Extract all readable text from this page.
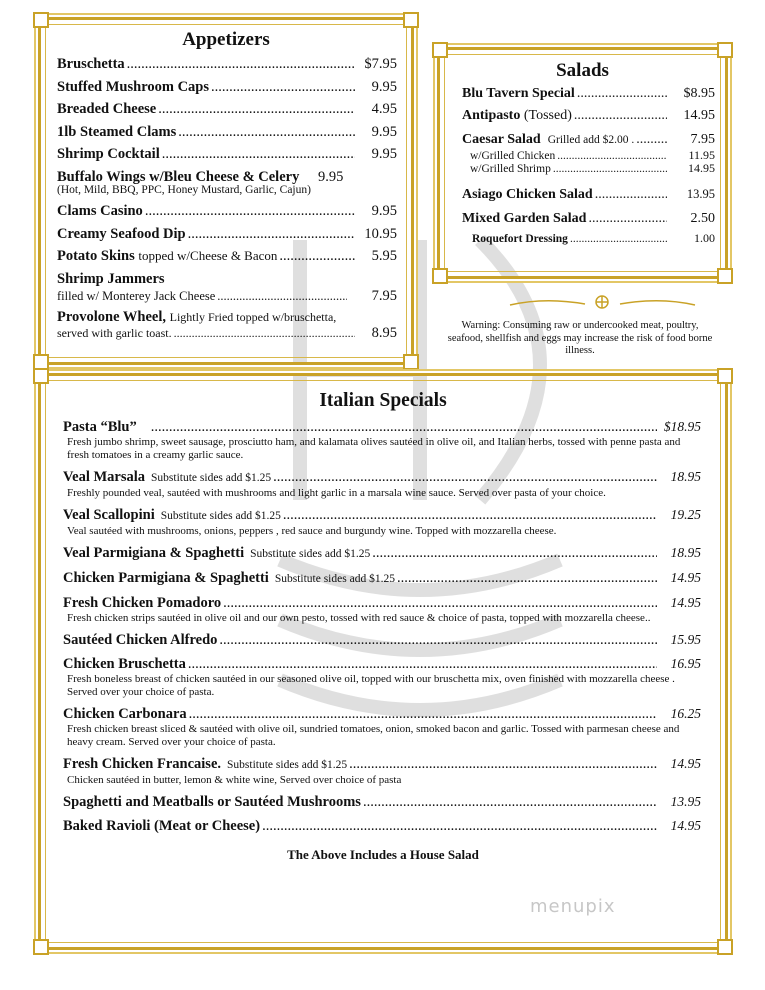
Appetizers
Bruschetta .....	$7.95
Stuffed Mushroom Caps .....	9.95
Breaded Cheese .....	4.95
1lb Steamed Clams .....	9.95
Shrimp Cocktail .....	9.95
Buffalo Wings w/Bleu Cheese & Celery	9.95
(Hot, Mild, BBQ, PPC, Honey Mustard, Garlic, Cajun)
Clams Casino .....	9.95
Creamy Seafood Dip .....	10.95
Potato Skins
topped w/Cheese & Bacon .....	5.95
Shrimp Jammers
filled w/ Monterey Jack Cheese .....	7.95
Provolone Wheel,
Lightly Fried topped w/bruschetta,
served with garlic toast. .....	8.95
Salads
Blu Tavern Special .....	$8.95
Antipasto
(Tossed) .....	14.95
Caesar Salad
Grilled add $2.00 . .....	7.95
w/Grilled Chicken .....	11.95
w/Grilled Shrimp .....	14.95
Asiago Chicken Salad .....	13.95
Mixed Garden Salad .....	2.50
Roquefort Dressing .....	1.00
Warning: Consuming raw or undercooked meat, poultry, seafood, shellfish and eggs may increase the risk of food borne illness.
Italian Specials
Pasta “Blu” .....	$18.95
Fresh jumbo shrimp, sweet sausage, prosciutto ham, and kalamata olives sautéed in olive oil, and Italian herbs, tossed with penne pasta and fresh tomatoes in a creamy garlic sauce.
Veal Marsala Substitute sides add $1.25 .....	18.95
Freshly pounded veal, sautéed with mushrooms and light garlic in a marsala wine sauce. Served over pasta of your choice.
Veal Scallopini Substitute sides add $1.25 .....	19.25
Veal sautéed with mushrooms, onions, peppers , red sauce and burgundy wine. Topped with mozzarella cheese.
Veal Parmigiana & Spaghetti Substitute sides add $1.25 .....	18.95
Chicken Parmigiana & Spaghetti Substitute sides add $1.25 .....	14.95
Fresh Chicken Pomadoro .....	14.95
Fresh chicken strips sautéed in olive oil and our own pesto, tossed with red sauce & choice of pasta, topped with mozzarella cheese..
Sautéed Chicken Alfredo .....	15.95
Chicken Bruschetta .....	16.95
Fresh boneless breast of chicken sautéed in our seasoned olive oil, topped with our bruschetta mix, oven finished with mozzarella cheese . Served over your choice of pasta.
Chicken Carbonara .....	16.25
Fresh chicken breast sliced & sautéed with olive oil, sundried tomatoes, onion, smoked bacon and garlic. Tossed with parmesan cheese and heavy cream. Served over your choice of pasta.
Fresh Chicken Francaise. Substitute sides add $1.25 .....	14.95
Chicken sautéed in butter, lemon & white wine, Served over choice of pasta
Spaghetti and Meatballs or Sautéed Mushrooms .....	13.95
Baked Ravioli (Meat or Cheese) .....	14.95
The Above Includes a House Salad
menupix
